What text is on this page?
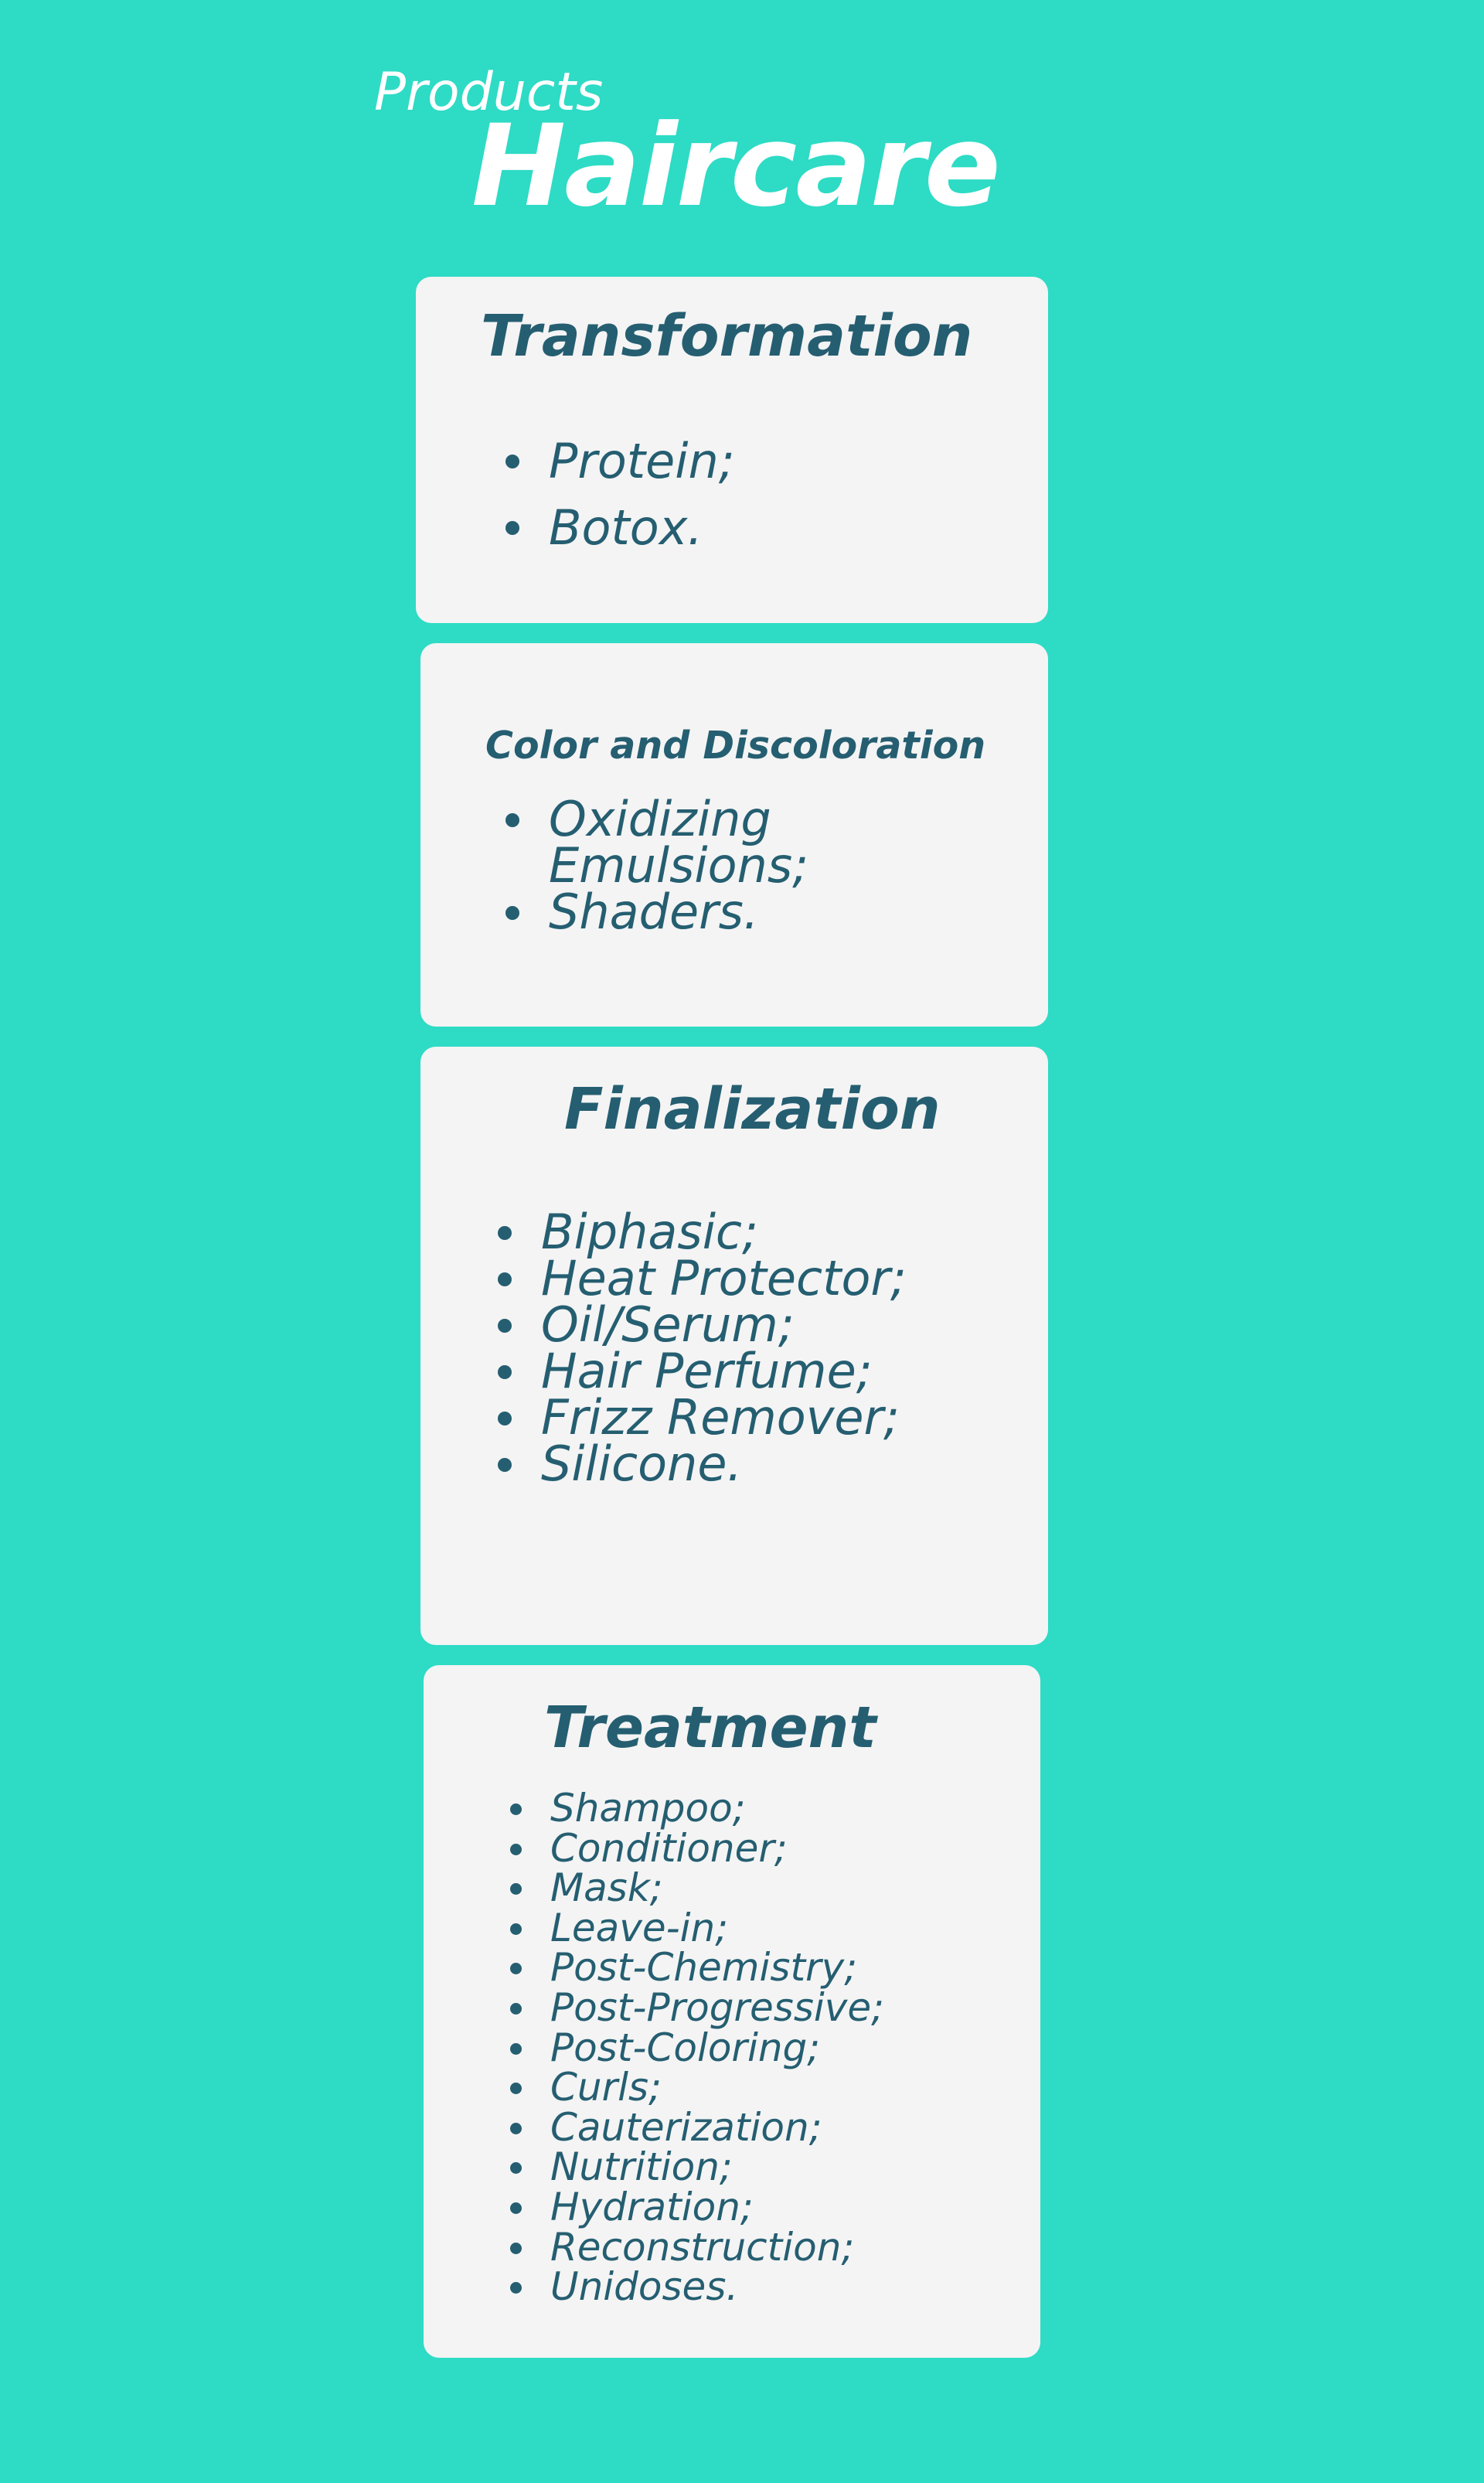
Products
Haircare
Transformation
Protein;
Botox.
Color and Discoloration
Oxidizing Emulsions;
Shaders.
Finalization
Biphasic;
Heat Protector;
Oil/Serum;
Hair Perfume;
Frizz Remover;
Silicone.
Treatment
Shampoo;
Conditioner;
Mask;
Leave-in;
Post-Chemistry;
Post-Progressive;
Post-Coloring;
Curls;
Cauterization;
Nutrition;
Hydration;
Reconstruction;
Unidoses.
